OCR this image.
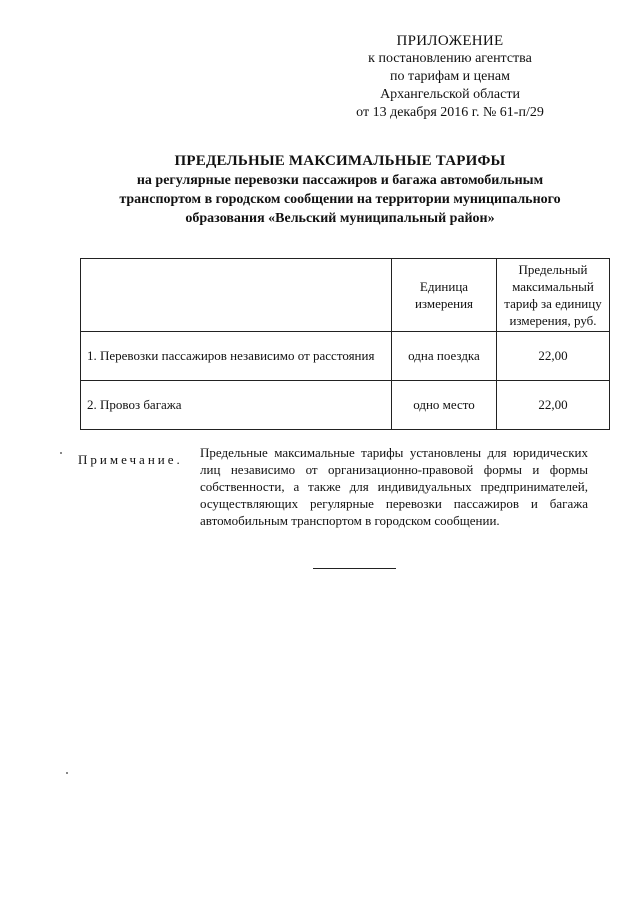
ПРИЛОЖЕНИЕ
к постановлению агентства
по тарифам и ценам
Архангельской области
от 13 декабря 2016 г. № 61-п/29
ПРЕДЕЛЬНЫЕ МАКСИМАЛЬНЫЕ ТАРИФЫ
на регулярные перевозки пассажиров и багажа автомобильным
транспортом в городском сообщении на территории муниципального
образования «Вельский муниципальный район»
	Единица измерения	Предельный максимальный тариф за единицу измерения, руб.
1. Перевозки пассажиров независимо от расстояния	одна поездка	22,00
2. Провоз багажа	одно место	22,00
Примечание. Предельные максимальные тарифы установлены для юридических лиц независимо от организационно-правовой формы и формы собственности, а также для индивидуальных предпринимателей, осуществляющих регулярные перевозки пассажиров и багажа автомобильным транспортом в городском сообщении.
